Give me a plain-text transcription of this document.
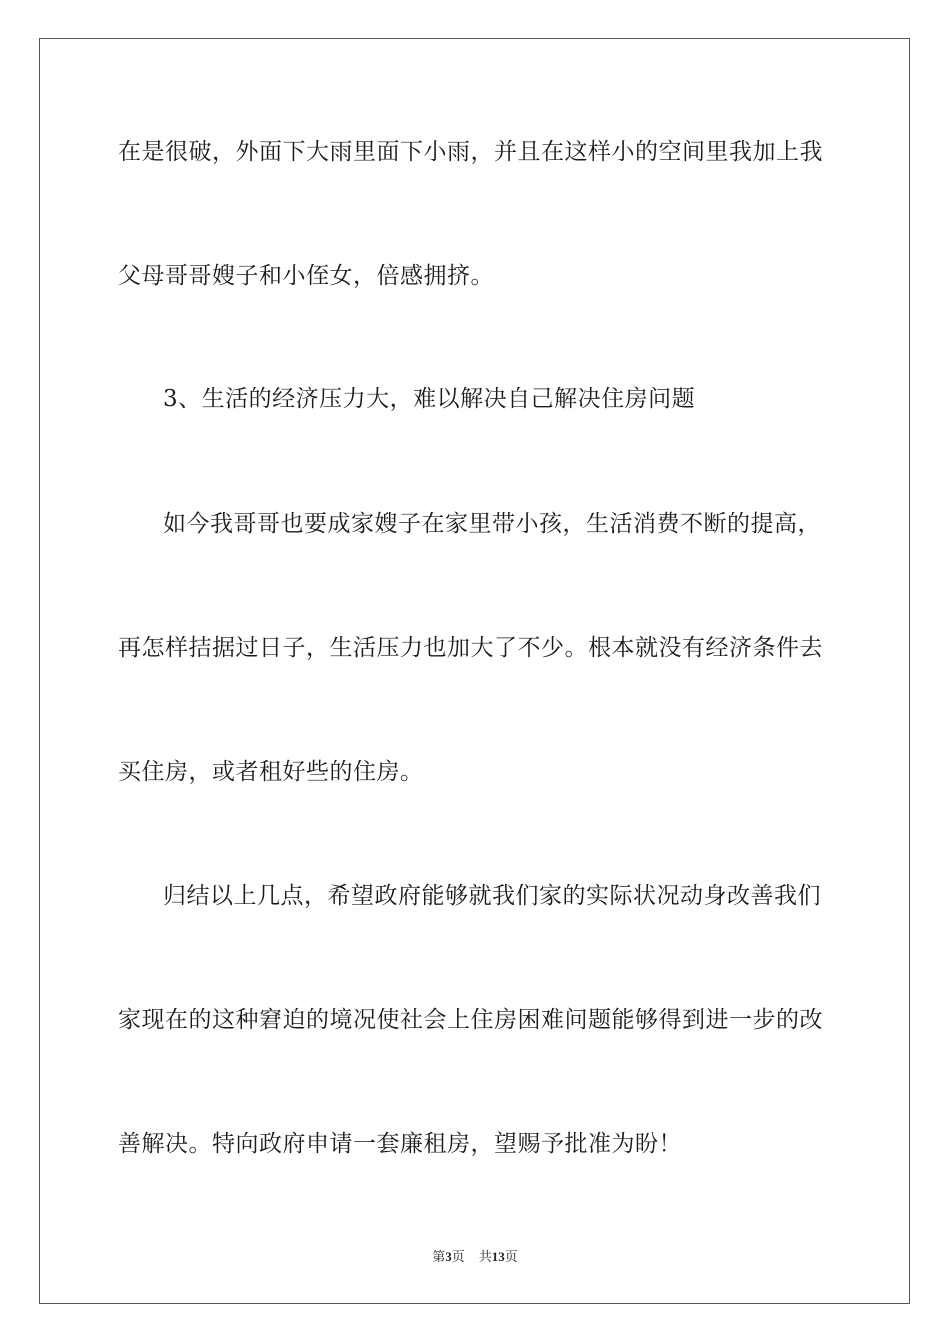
在是很破，外面下大雨里面下小雨，并且在这样小的空间里我加上我
父母哥哥嫂子和小侄女，倍感拥挤。
3、生活的经济压力大，难以解决自己解决住房问题
如今我哥哥也要成家嫂子在家里带小孩，生活消费不断的提高，
再怎样拮据过日子，生活压力也加大了不少。根本就没有经济条件去
买住房，或者租好些的住房。
归结以上几点，希望政府能够就我们家的实际状况动身改善我们
家现在的这种窘迫的境况使社会上住房困难问题能够得到进一步的改
善解决。特向政府申请一套廉租房，望赐予批准为盼！
第3页 共13页
